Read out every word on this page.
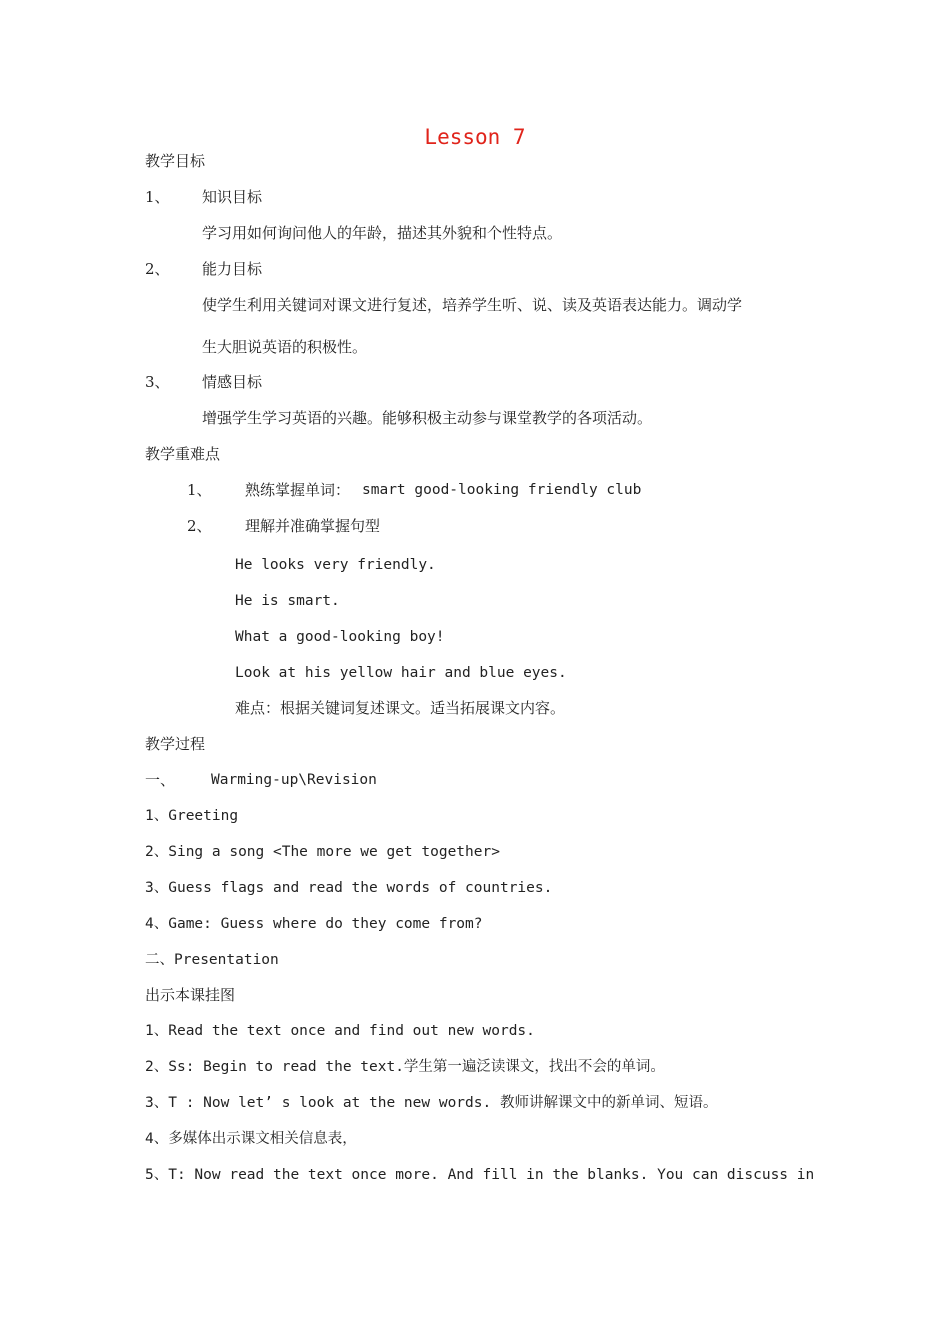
Lesson 7
教学目标
1、 知识目标
学习用如何询问他人的年龄，描述其外貌和个性特点。
2、 能力目标
使学生利用关键词对课文进行复述，培养学生听、说、读及英语表达能力。调动学
生大胆说英语的积极性。
3、 情感目标
增强学生学习英语的兴趣。能够积极主动参与课堂教学的各项活动。
教学重难点
1、 熟练掌握单词： smart good-looking friendly club
2、 理解并准确掌握句型
He looks very friendly.
He is smart.
What a good-looking boy!
Look at his yellow hair and blue eyes.
难点：根据关键词复述课文。适当拓展课文内容。
教学过程
一、 Warming-up\Revision
1、Greeting
2、Sing a song <The more we get together>
3、Guess flags and read the words of countries.
4、Game: Guess where do they come from?
二、Presentation
出示本课挂图
1、Read the text once and find out new words.
2、Ss: Begin to read the text.学生第一遍泛读课文，找出不会的单词。
3、T : Now let’ s look at the new words. 教师讲解课文中的新单词、短语。
4、多媒体出示课文相关信息表，
5、T: Now read the text once more. And fill in the blanks. You can discuss in
